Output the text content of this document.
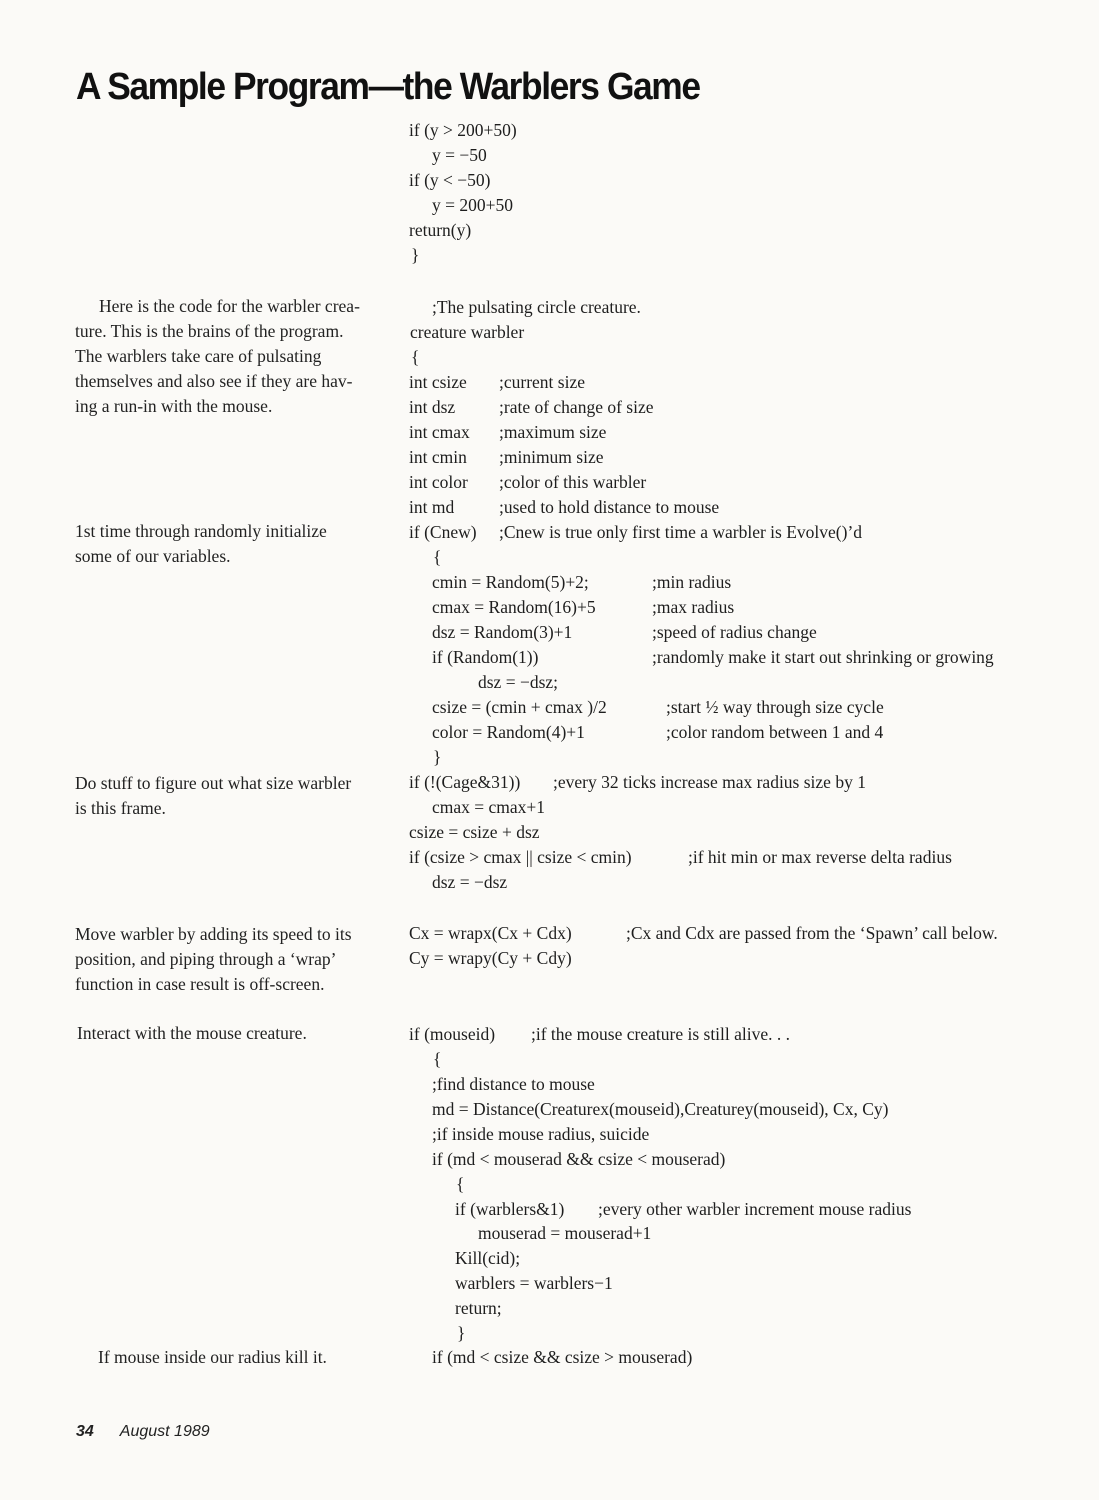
A Sample Program—the Warblers Game
Here is the code for the warbler crea-
ture. This is the brains of the program.
The warblers take care of pulsating
themselves and also see if they are hav-
ing a run-in with the mouse.
1st time through randomly initialize
some of our variables.
Do stuff to figure out what size warbler
is this frame.
Move warbler by adding its speed to its
position, and piping through a ‘wrap’
function in case result is off-screen.
Interact with the mouse creature.
If mouse inside our radius kill it.
if (y > 200+50)
y = −50
if (y < −50)
y = 200+50
return(y)
}
;The pulsating circle creature.
creature warbler
{
int csize ;current size
int dsz	;rate of change of size
int cmax ;maximum size
int cmin ;minimum size
int color ;color of this warbler
int md	;used to hold distance to mouse
if (Cnew) ;Cnew is true only first time a warbler is Evolve()’d
{
cmin = Random(5)+2;	;min radius
cmax = Random(16)+5	;max radius
dsz = Random(3)+1	;speed of radius change
if (Random(1))	;randomly make it start out shrinking or growing
dsz = −dsz;
csize = (cmin + cmax )/2	;start ½ way through size cycle
color = Random(4)+1	;color random between 1 and 4
}
if (!(Cage&31)) ;every 32 ticks increase max radius size by 1
cmax = cmax+1
csize = csize + dsz
if (csize > cmax || csize < cmin)	;if hit min or max reverse delta radius
dsz = −dsz
Cx = wrapx(Cx + Cdx)	;Cx and Cdx are passed from the ‘Spawn’ call below.
Cy = wrapy(Cy + Cdy)
if (mouseid) ;if the mouse creature is still alive. . .
{
;find distance to mouse
md = Distance(Creaturex(mouseid),Creaturey(mouseid), Cx, Cy)
;if inside mouse radius, suicide
if (md < mouserad && csize < mouserad)
{
if (warblers&1) ;every other warbler increment mouse radius
mouserad = mouserad+1
Kill(cid);
warblers = warblers−1
return;
}
if (md < csize && csize > mouserad)
34 August 1989
